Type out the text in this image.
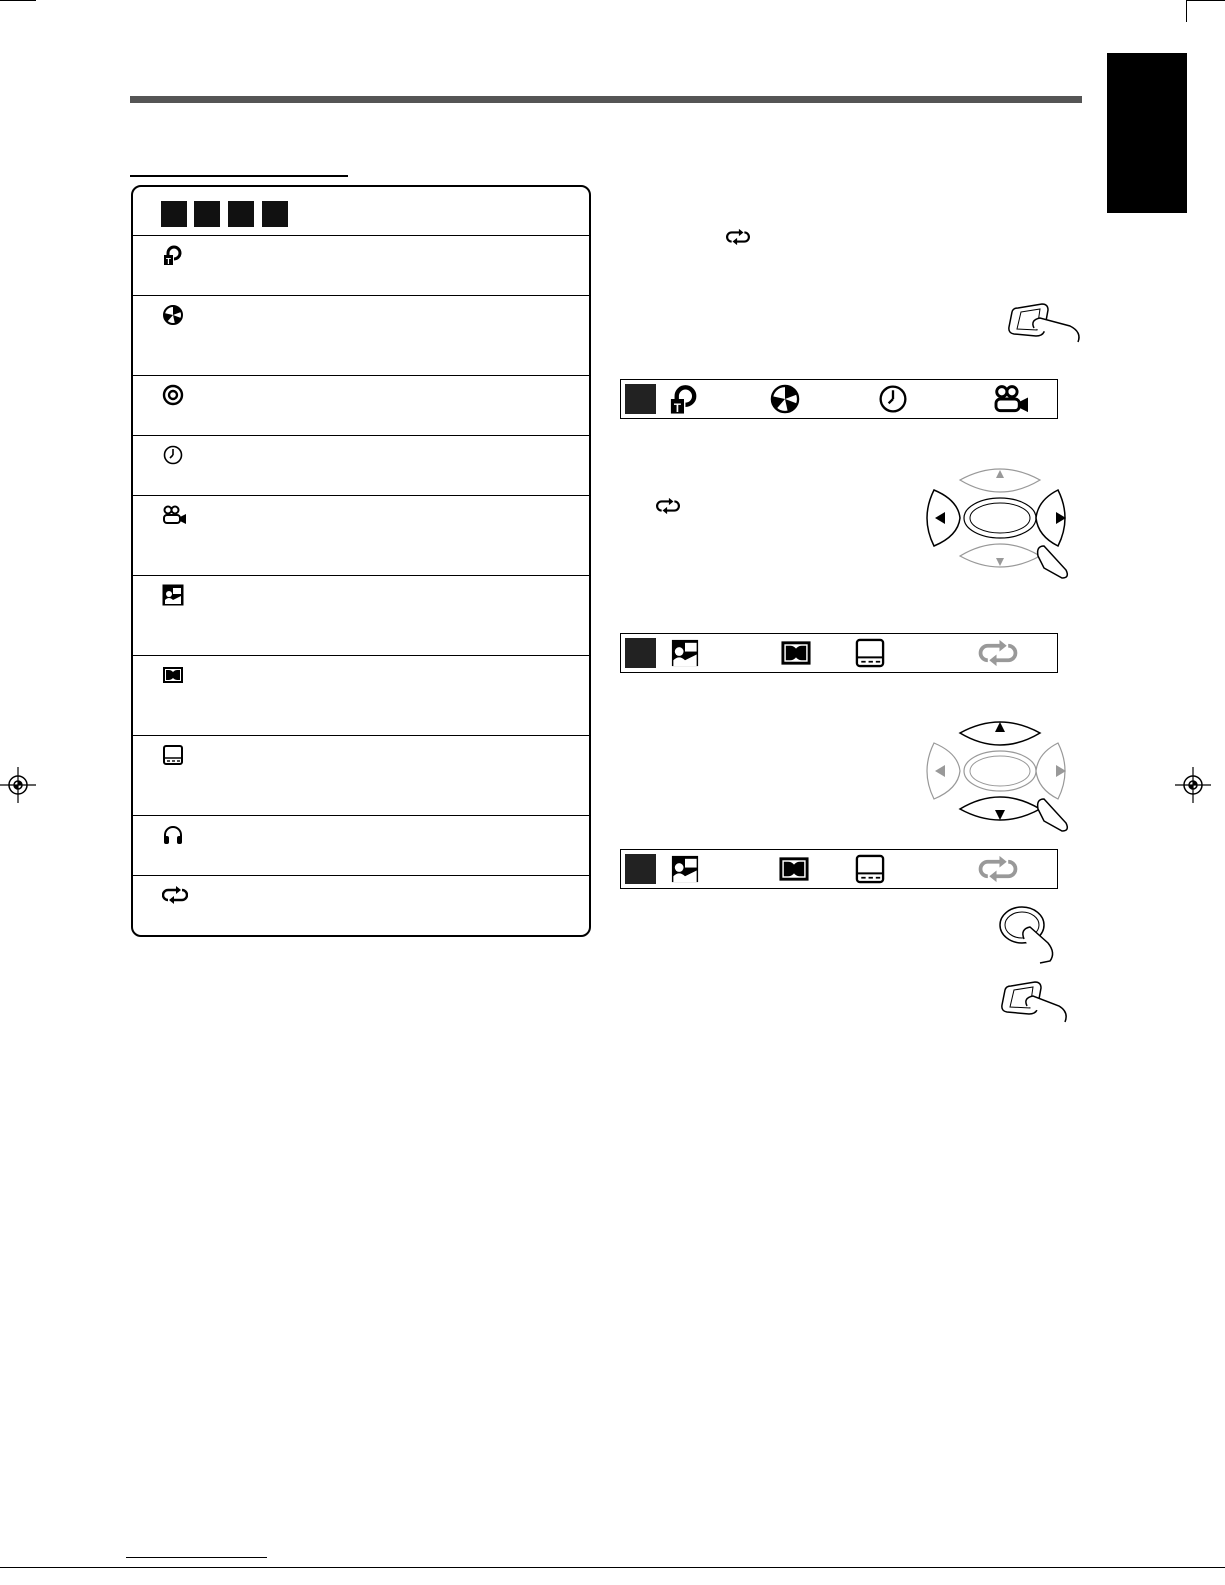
T
T
